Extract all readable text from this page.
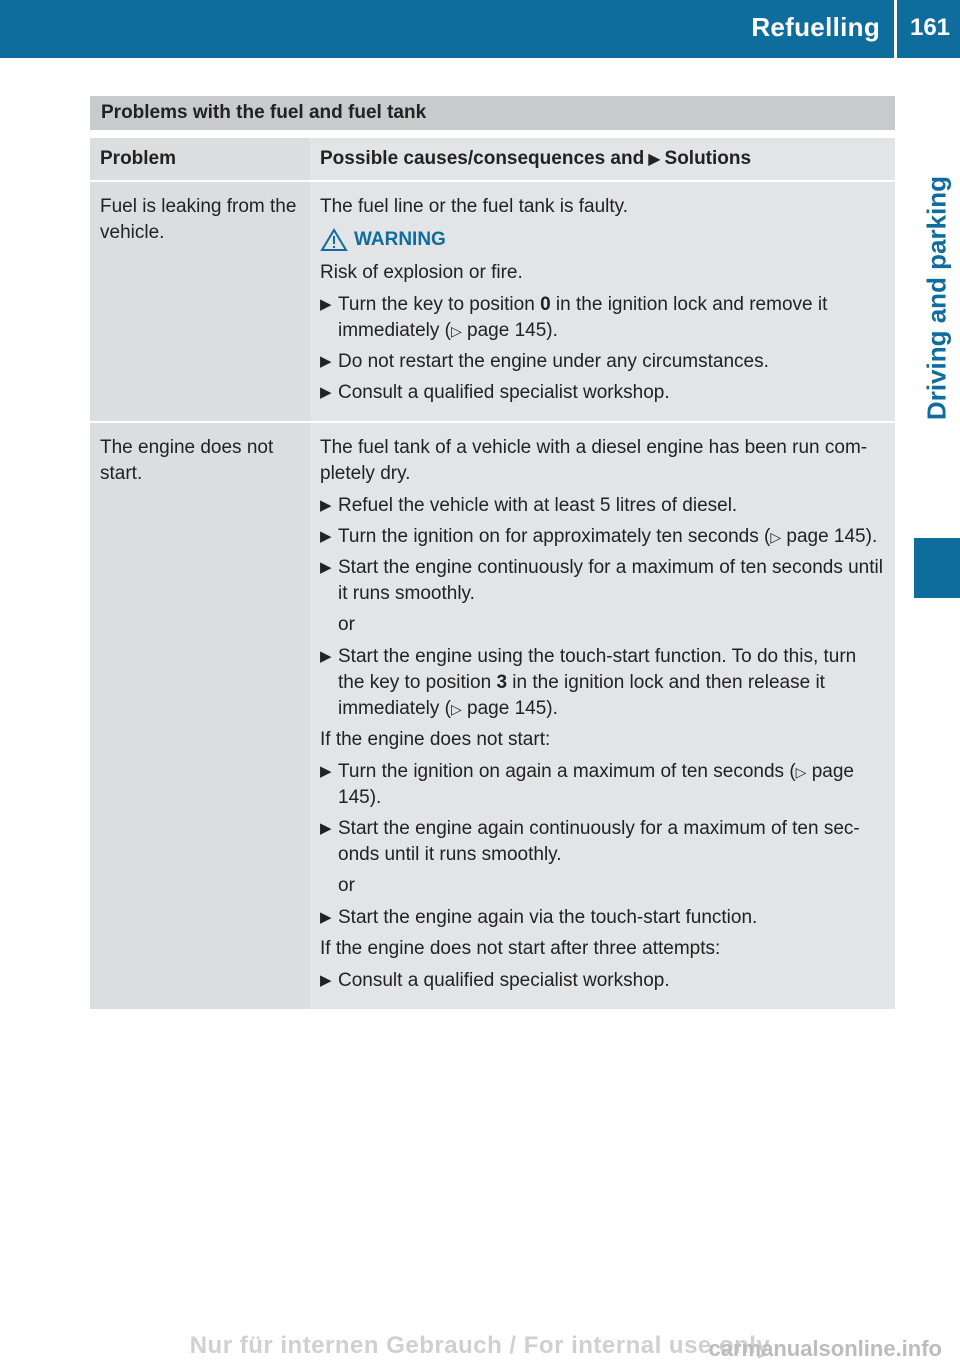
Refuelling 161
Driving and parking
Problems with the fuel and fuel tank
Problem	Possible causes/consequences and ▶ Solutions
Fuel is leaking from the vehicle.
The fuel line or the fuel tank is faulty.
WARNING
Risk of explosion or fire.
▶ Turn the key to position 0 in the ignition lock and remove it immediately (▷ page 145).
▶ Do not restart the engine under any circumstances.
▶ Consult a qualified specialist workshop.
The engine does not start.
The fuel tank of a vehicle with a diesel engine has been run com-pletely dry.
▶ Refuel the vehicle with at least 5 litres of diesel.
▶ Turn the ignition on for approximately ten seconds (▷ page 145).
▶ Start the engine continuously for a maximum of ten seconds until it runs smoothly.
or
▶ Start the engine using the touch-start function. To do this, turn the key to position 3 in the ignition lock and then release it immediately (▷ page 145).
If the engine does not start:
▶ Turn the ignition on again a maximum of ten seconds (▷ page 145).
▶ Start the engine again continuously for a maximum of ten sec-onds until it runs smoothly.
or
▶ Start the engine again via the touch-start function.
If the engine does not start after three attempts:
▶ Consult a qualified specialist workshop.
Nur für internen Gebrauch / For internal use only
carmanualsonline.info
